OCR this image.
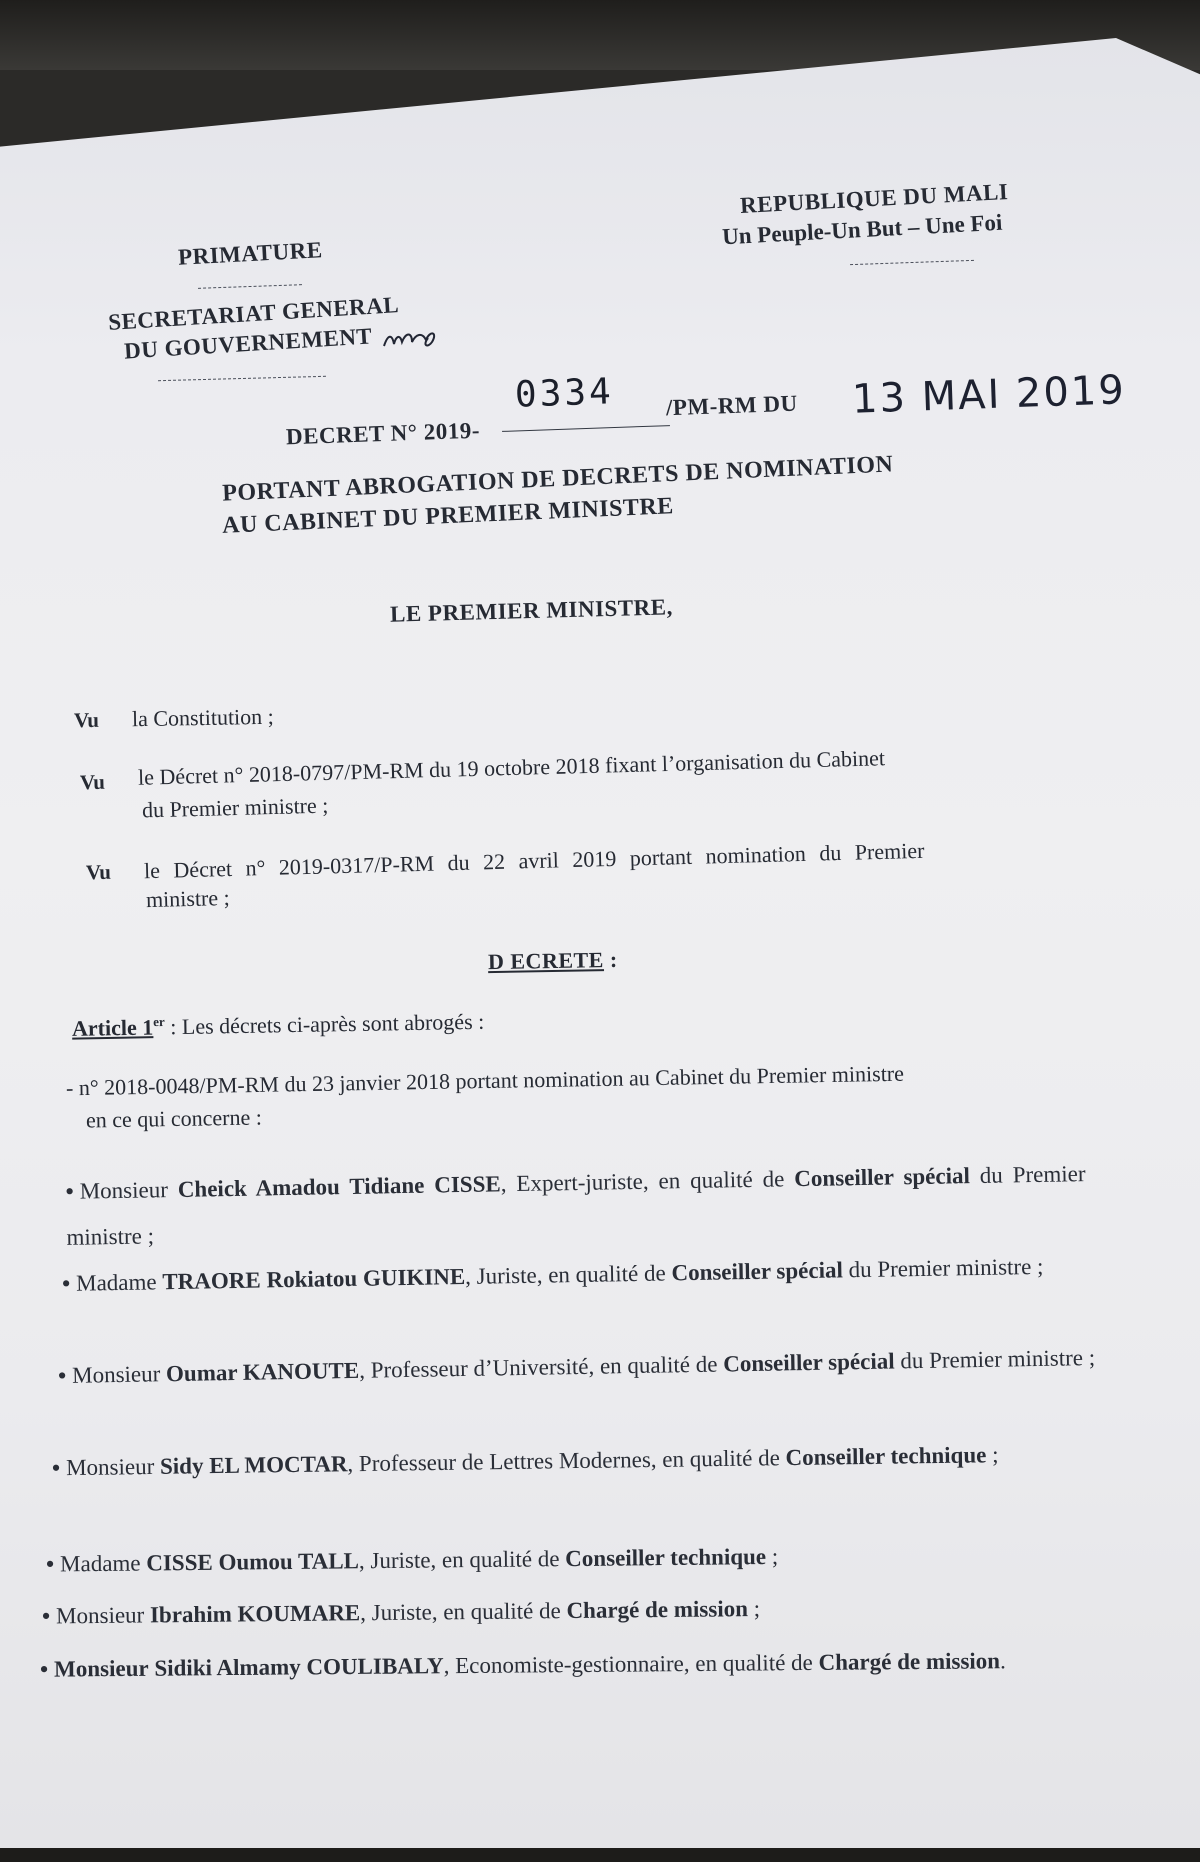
PRIMATURE
SECRETARIAT GENERAL
DU GOUVERNEMENT
REPUBLIQUE DU MALI
Un Peuple-Un But – Une Foi
DECRET N° 2019-
0334 /PM-RM DU 13 MAI 2019
PORTANT ABROGATION DE DECRETS DE NOMINATION
AU CABINET DU PREMIER MINISTRE
LE PREMIER MINISTRE,
Vu la Constitution ;
Vu le Décret n° 2018-0797/PM-RM du 19 octobre 2018 fixant l’organisation du Cabinet
du Premier ministre ;
Vu le Décret n° 2019-0317/P-RM du 22 avril 2019 portant nomination du Premier
ministre ;
D ECRETE :
Article 1er : Les décrets ci-après sont abrogés :
- n° 2018-0048/PM-RM du 23 janvier 2018 portant nomination au Cabinet du Premier ministre
en ce qui concerne :
• Monsieur Cheick Amadou Tidiane CISSE, Expert-juriste, en qualité de Conseiller spécial du Premier ministre ;
• Madame TRAORE Rokiatou GUIKINE, Juriste, en qualité de Conseiller spécial du Premier ministre ;
• Monsieur Oumar KANOUTE, Professeur d’Université, en qualité de Conseiller spécial du Premier ministre ;
• Monsieur Sidy EL MOCTAR, Professeur de Lettres Modernes, en qualité de Conseiller technique ;
• Madame CISSE Oumou TALL, Juriste, en qualité de Conseiller technique ;
• Monsieur Ibrahim KOUMARE, Juriste, en qualité de Chargé de mission ;
• Monsieur Sidiki Almamy COULIBALY, Economiste-gestionnaire, en qualité de Chargé de mission.
